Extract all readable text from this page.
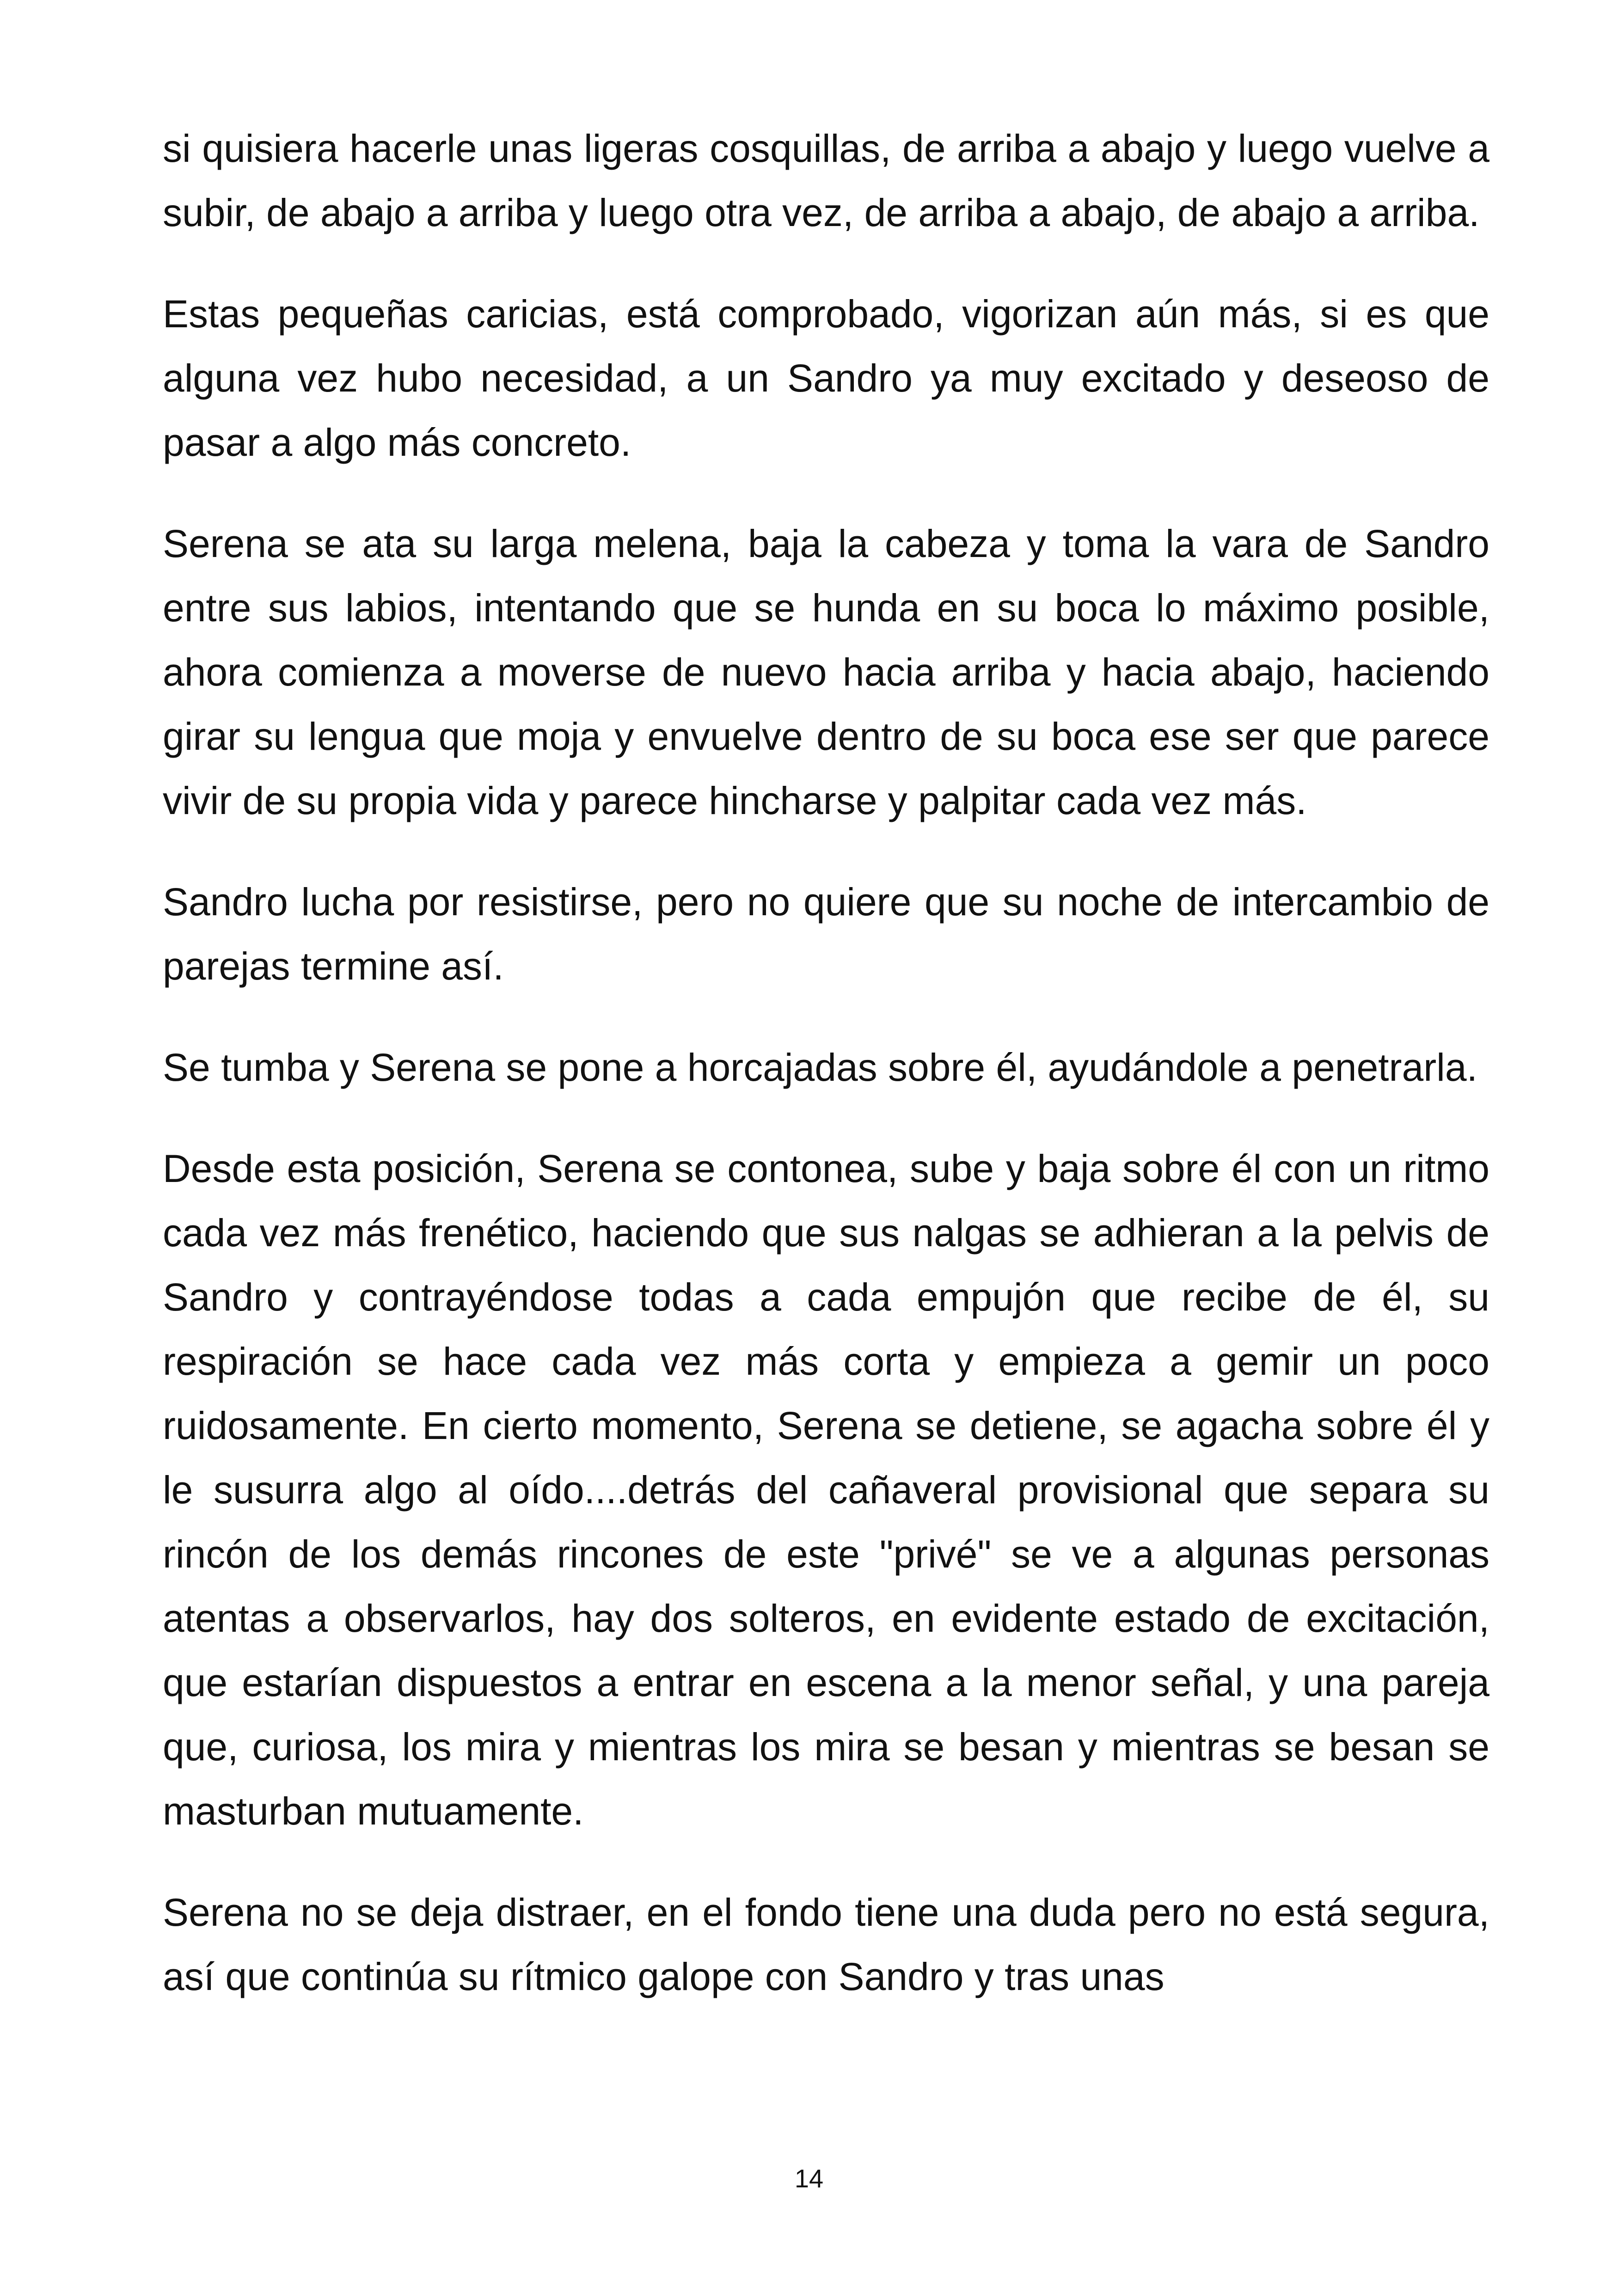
si quisiera hacerle unas ligeras cosquillas, de arriba a abajo y luego vuelve a subir, de abajo a arriba y luego otra vez, de arriba a abajo, de abajo a arriba.

Estas pequeñas caricias, está comprobado, vigorizan aún más, si es que alguna vez hubo necesidad, a un Sandro ya muy excitado y deseoso de pasar a algo más concreto.

Serena se ata su larga melena, baja la cabeza y toma la vara de Sandro entre sus labios, intentando que se hunda en su boca lo máximo posible, ahora comienza a moverse de nuevo hacia arriba y hacia abajo, haciendo girar su lengua que moja y envuelve dentro de su boca ese ser que parece vivir de su propia vida y parece hincharse y palpitar cada vez más.

Sandro lucha por resistirse, pero no quiere que su noche de intercambio de parejas termine así.

Se tumba y Serena se pone a horcajadas sobre él, ayudándole a penetrarla.

Desde esta posición, Serena se contonea, sube y baja sobre él con un ritmo cada vez más frenético, haciendo que sus nalgas se adhieran a la pelvis de Sandro y contrayéndose todas a cada empujón que recibe de él, su respiración se hace cada vez más corta y empieza a gemir un poco ruidosamente. En cierto momento, Serena se detiene, se agacha sobre él y le susurra algo al oído....detrás del cañaveral provisional que separa su rincón de los demás rincones de este "privé" se ve a algunas personas atentas a observarlos, hay dos solteros, en evidente estado de excitación, que estarían dispuestos a entrar en escena a la menor señal, y una pareja que, curiosa, los mira y mientras los mira se besan y mientras se besan se masturban mutuamente.

Serena no se deja distraer, en el fondo tiene una duda pero no está segura, así que continúa su rítmico galope con Sandro y tras unas

14
